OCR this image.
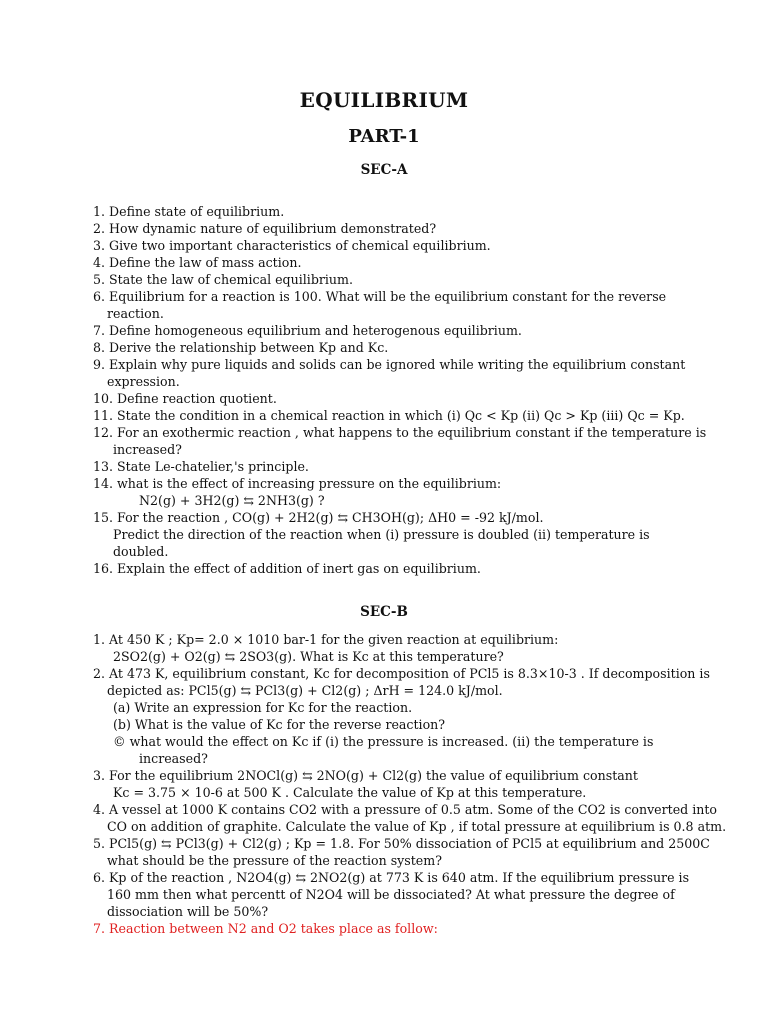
EQUILIBRIUM
PART-1
SEC-A

1. Define state of equilibrium.

2. How dynamic nature of equilibrium demonstrated?

3. Give two important characteristics of chemical equilibrium.

4. Define the law of mass action.

5. State the law of chemical equilibrium.

6. Equilibrium for a reaction is 100. What will be the equilibrium constant for the reverse

reaction.

7. Define homogeneous equilibrium and heterogenous equilibrium.

8. Derive the relationship between Kp and Kc.

9. Explain why pure liquids and solids can be ignored while writing the equilibrium constant

expression.

10. Define reaction quotient.

11. State the condition in a chemical reaction in which (i) Qc < Kp (ii) Qc > Kp (iii) Qc = Kp.

12. For an exothermic reaction , what happens to the equilibrium constant if the temperature is

increased?

13. State Le-chatelier,'s principle.

14. what is the effect of increasing pressure on the equilibrium:

N2(g) + 3H2(g) ⇆ 2NH3(g) ?

15. For the reaction , CO(g) + 2H2(g) ⇆ CH3OH(g); ΔH0 = -92 kJ/mol.

Predict the direction of the reaction when (i) pressure is doubled (ii) temperature is

doubled.

16. Explain the effect of addition of inert gas on equilibrium.

SEC-B

1. At 450 K ; Kp= 2.0 × 1010 bar-1 for the given reaction at equilibrium:

2SO2(g) + O2(g) ⇆ 2SO3(g). What is Kc at this temperature?

2. At 473 K, equilibrium constant, Kc for decomposition of PCl5 is 8.3×10-3 . If decomposition is

depicted as: PCl5(g) ⇆ PCl3(g) + Cl2(g) ; ΔrH = 124.0 kJ/mol.

(a) Write an expression for Kc for the reaction.

(b) What is the value of Kc for the reverse reaction?

© what would the effect on Kc if (i) the pressure is increased. (ii) the temperature is

increased?

3. For the equilibrium 2NOCl(g) ⇆ 2NO(g) + Cl2(g) the value of equilibrium constant

Kc = 3.75 × 10-6 at 500 K . Calculate the value of Kp at this temperature.

4. A vessel at 1000 K contains CO2 with a pressure of 0.5 atm. Some of the CO2 is converted into

CO on addition of graphite. Calculate the value of Kp , if total pressure at equilibrium is 0.8 atm.

5. PCl5(g) ⇆ PCl3(g) + Cl2(g) ; Kp = 1.8. For 50% dissociation of PCl5 at equilibrium and 2500C

what should be the pressure of the reaction system?

6. Kp of the reaction , N2O4(g) ⇆ 2NO2(g) at 773 K is 640 atm. If the equilibrium pressure is

160 mm then what percentt of N2O4 will be dissociated? At what pressure the degree of

dissociation will be 50%?

7. Reaction between N2 and O2 takes place as follow:
